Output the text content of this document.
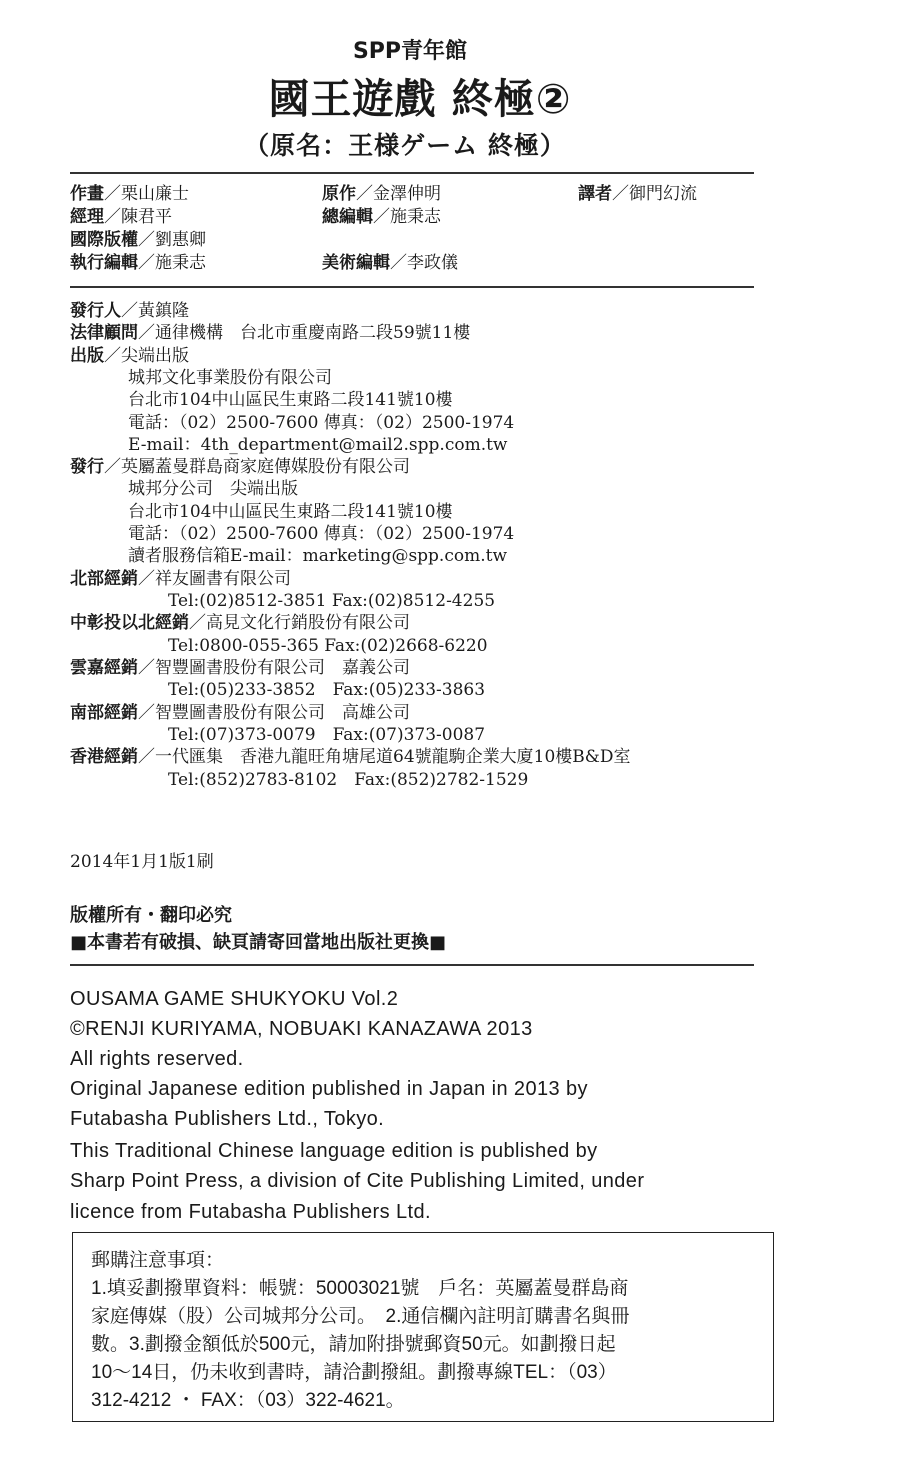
SPP青年館
國王遊戲 終極②
（原名：王様ゲーム 終極）
作畫／栗山廉士	原作／金澤伸明	譯者／御門幻流
經理／陳君平	總編輯／施秉志
國際版權／劉惠卿
執行編輯／施秉志	美術編輯／李政儀
發行人／黃鎮隆
法律顧問／通律機構　台北市重慶南路二段59號11樓
出版／尖端出版
城邦文化事業股份有限公司
台北市104中山區民生東路二段141號10樓
電話：（02）2500-7600 傳真：（02）2500-1974
E-mail：4th_department@mail2.spp.com.tw
發行／英屬蓋曼群島商家庭傳媒股份有限公司
城邦分公司　尖端出版
台北市104中山區民生東路二段141號10樓
電話：（02）2500-7600 傳真：（02）2500-1974
讀者服務信箱E-mail：marketing@spp.com.tw
北部經銷／祥友圖書有限公司
Tel:(02)8512-3851 Fax:(02)8512-4255
中彰投以北經銷／高見文化行銷股份有限公司
Tel:0800-055-365 Fax:(02)2668-6220
雲嘉經銷／智豐圖書股份有限公司　嘉義公司
Tel:(05)233-3852　Fax:(05)233-3863
南部經銷／智豐圖書股份有限公司　高雄公司
Tel:(07)373-0079　Fax:(07)373-0087
香港經銷／一代匯集　香港九龍旺角塘尾道64號龍駒企業大廈10樓B&D室
Tel:(852)2783-8102　Fax:(852)2782-1529
2014年1月1版1刷
版權所有・翻印必究
■本書若有破損、缺頁請寄回當地出版社更換■
OUSAMA GAME SHUKYOKU Vol.2
©RENJI KURIYAMA, NOBUAKI KANAZAWA 2013
All rights reserved.
Original Japanese edition published in Japan in 2013 by
Futabasha Publishers Ltd., Tokyo.
This Traditional Chinese language edition is published by
Sharp Point Press, a division of Cite Publishing Limited, under
licence from Futabasha Publishers Ltd.
郵購注意事項：
1.填妥劃撥單資料：帳號：50003021號　戶名：英屬蓋曼群島商
家庭傳媒（股）公司城邦分公司。　2.通信欄內註明訂購書名與冊
數。3.劃撥金額低於500元，請加附掛號郵資50元。如劃撥日起
10～14日，仍未收到書時，請洽劃撥組。劃撥專線TEL：（03）
312-4212 ・ FAX：（03）322-4621。
